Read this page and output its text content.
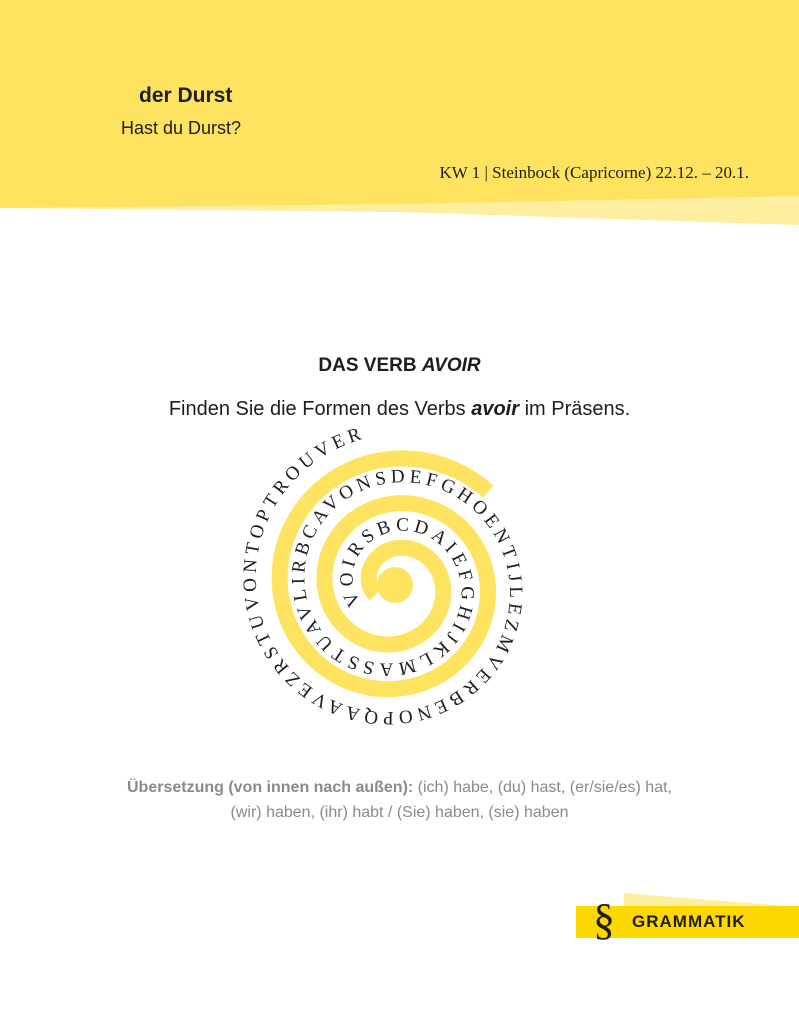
der Durst
Hast du Durst?
KW 1 | Steinbock (Capricorne) 22.12. – 20.1.
DAS VERB AVOIR
Finden Sie die Formen des Verbs avoir im Präsens.
VOIRSBCDAIEFGHIJKLMASSTUAVLIRBCAVONSDEFGHOENTIJLEZMVERBENOPQAAVEZRSTUVONTOPTROUVER
Übersetzung (von innen nach außen): (ich) habe, (du) hast, (er/sie/es) hat,
(wir) haben, (ihr) habt / (Sie) haben, (sie) haben
§ GRAMMATIK
